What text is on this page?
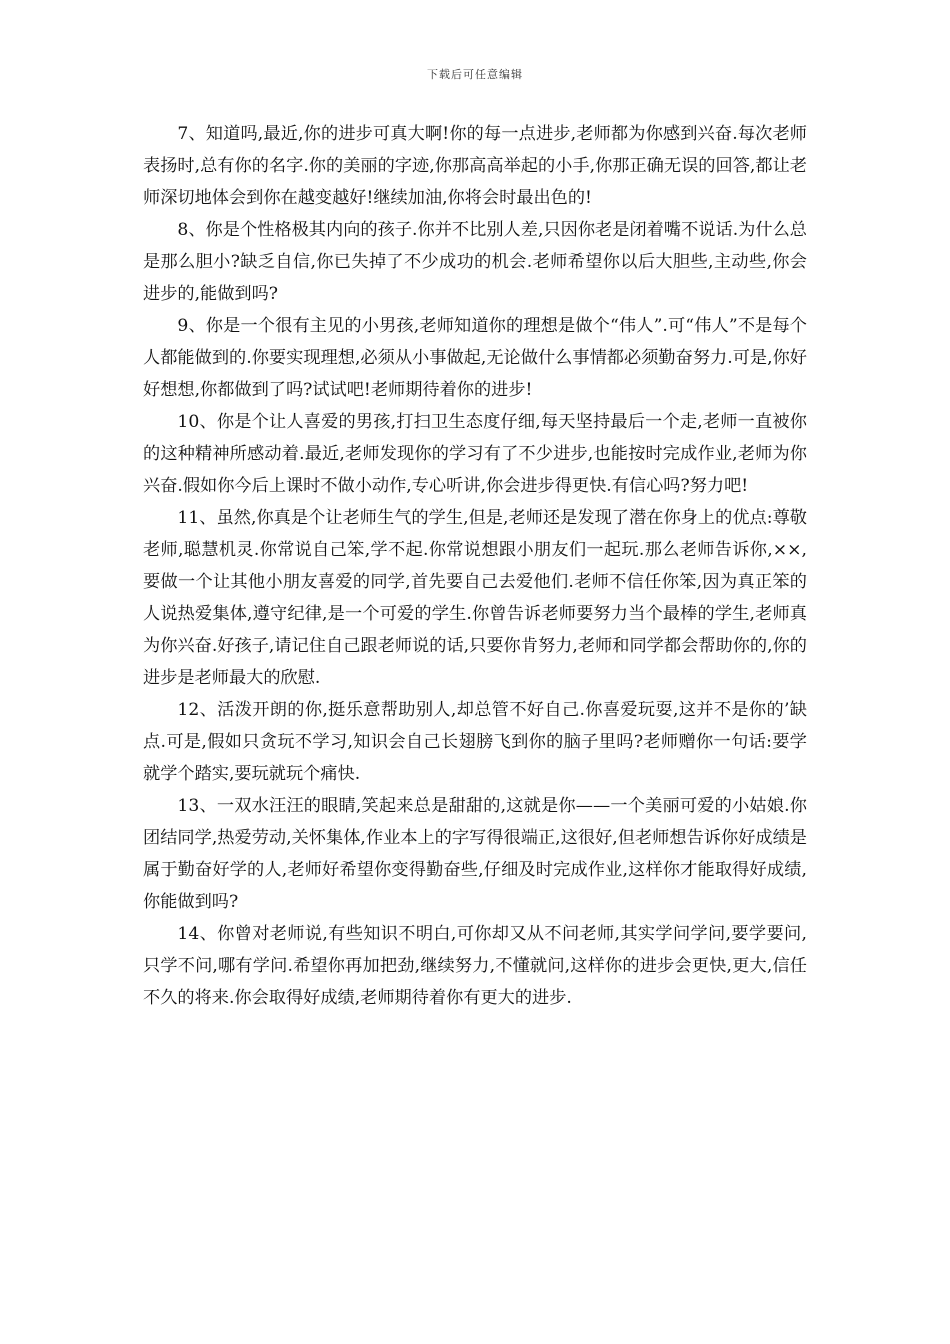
下载后可任意编辑

7、知道吗,最近,你的进步可真大啊!你的每一点进步,老师都为你感到兴奋.每次老师表扬时,总有你的名字.你的美丽的字迹,你那高高举起的小手,你那正确无误的回答,都让老师深切地体会到你在越变越好!继续加油,你将会时最出色的!

8、你是个性格极其内向的孩子.你并不比别人差,只因你老是闭着嘴不说话.为什么总是那么胆小?缺乏自信,你已失掉了不少成功的机会.老师希望你以后大胆些,主动些,你会进步的,能做到吗?

9、你是一个很有主见的小男孩,老师知道你的理想是做个“伟人”.可“伟人”不是每个人都能做到的.你要实现理想,必须从小事做起,无论做什么事情都必须勤奋努力.可是,你好好想想,你都做到了吗?试试吧!老师期待着你的进步!

10、你是个让人喜爱的男孩,打扫卫生态度仔细,每天坚持最后一个走,老师一直被你的这种精神所感动着.最近,老师发现你的学习有了不少进步,也能按时完成作业,老师为你兴奋.假如你今后上课时不做小动作,专心听讲,你会进步得更快.有信心吗?努力吧!

11、虽然,你真是个让老师生气的学生,但是,老师还是发现了潜在你身上的优点:尊敬老师,聪慧机灵.你常说自己笨,学不起.你常说想跟小朋友们一起玩.那么老师告诉你,××,要做一个让其他小朋友喜爱的同学,首先要自己去爱他们.老师不信任你笨,因为真正笨的人说热爱集体,遵守纪律,是一个可爱的学生.你曾告诉老师要努力当个最棒的学生,老师真为你兴奋.好孩子,请记住自己跟老师说的话,只要你肯努力,老师和同学都会帮助你的,你的进步是老师最大的欣慰.

12、活泼开朗的你,挺乐意帮助别人,却总管不好自己.你喜爱玩耍,这并不是你的’缺点.可是,假如只贪玩不学习,知识会自己长翅膀飞到你的脑子里吗?老师赠你一句话:要学就学个踏实,要玩就玩个痛快.

13、一双水汪汪的眼睛,笑起来总是甜甜的,这就是你——一个美丽可爱的小姑娘.你团结同学,热爱劳动,关怀集体,作业本上的字写得很端正,这很好,但老师想告诉你好成绩是属于勤奋好学的人,老师好希望你变得勤奋些,仔细及时完成作业,这样你才能取得好成绩,你能做到吗?

14、你曾对老师说,有些知识不明白,可你却又从不问老师,其实学问学问,要学要问,只学不问,哪有学问.希望你再加把劲,继续努力,不懂就问,这样你的进步会更快,更大,信任不久的将来.你会取得好成绩,老师期待着你有更大的进步.
